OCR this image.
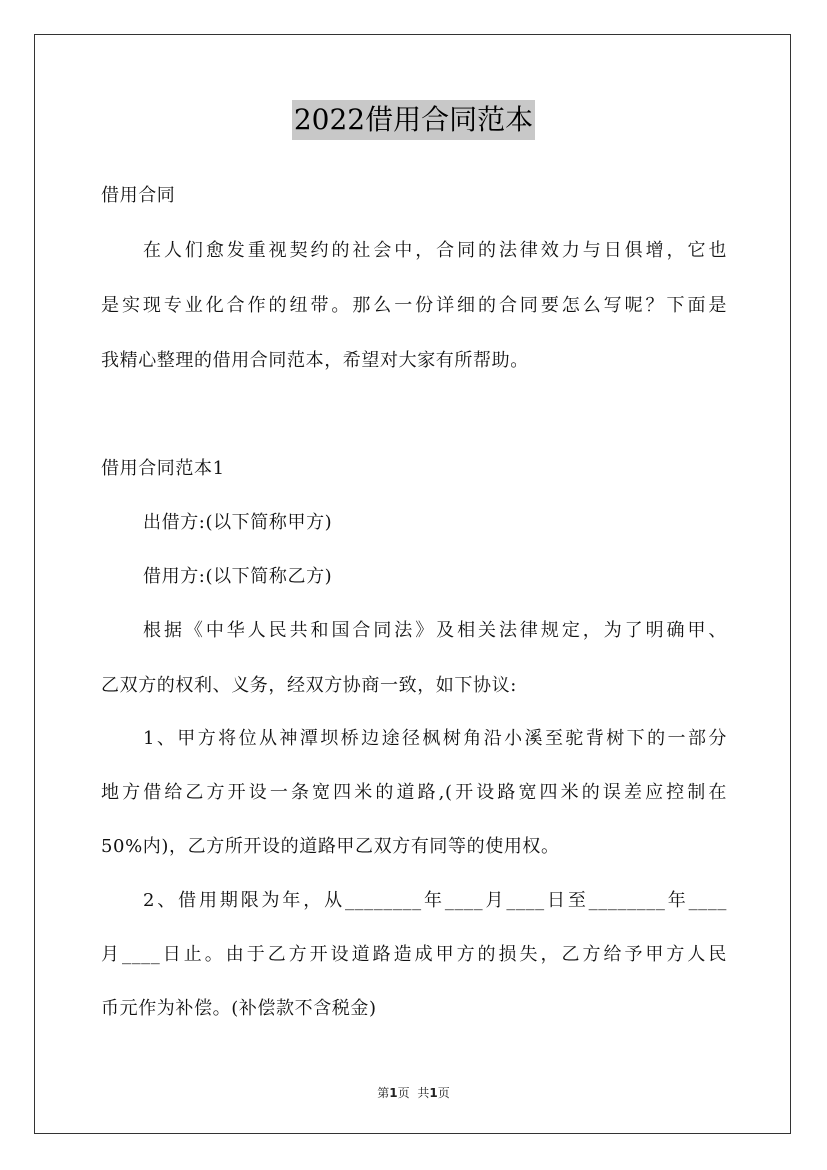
2022借用合同范本
借用合同
在人们愈发重视契约的社会中，合同的法律效力与日俱增，它也
是实现专业化合作的纽带。那么一份详细的合同要怎么写呢？下面是
我精心整理的借用合同范本，希望对大家有所帮助。
借用合同范本1
出借方:(以下简称甲方)
借用方:(以下简称乙方)
根据《中华人民共和国合同法》及相关法律规定，为了明确甲、
乙双方的权利、义务，经双方协商一致，如下协议:
1、甲方将位从神潭坝桥边途径枫树角沿小溪至驼背树下的一部分
地方借给乙方开设一条宽四米的道路,(开设路宽四米的误差应控制在
50%内)，乙方所开设的道路甲乙双方有同等的使用权。
2、借用期限为年，从________年____月____日至________年____
月____日止。由于乙方开设道路造成甲方的损失，乙方给予甲方人民
币元作为补偿。(补偿款不含税金)
第1页 共1页
